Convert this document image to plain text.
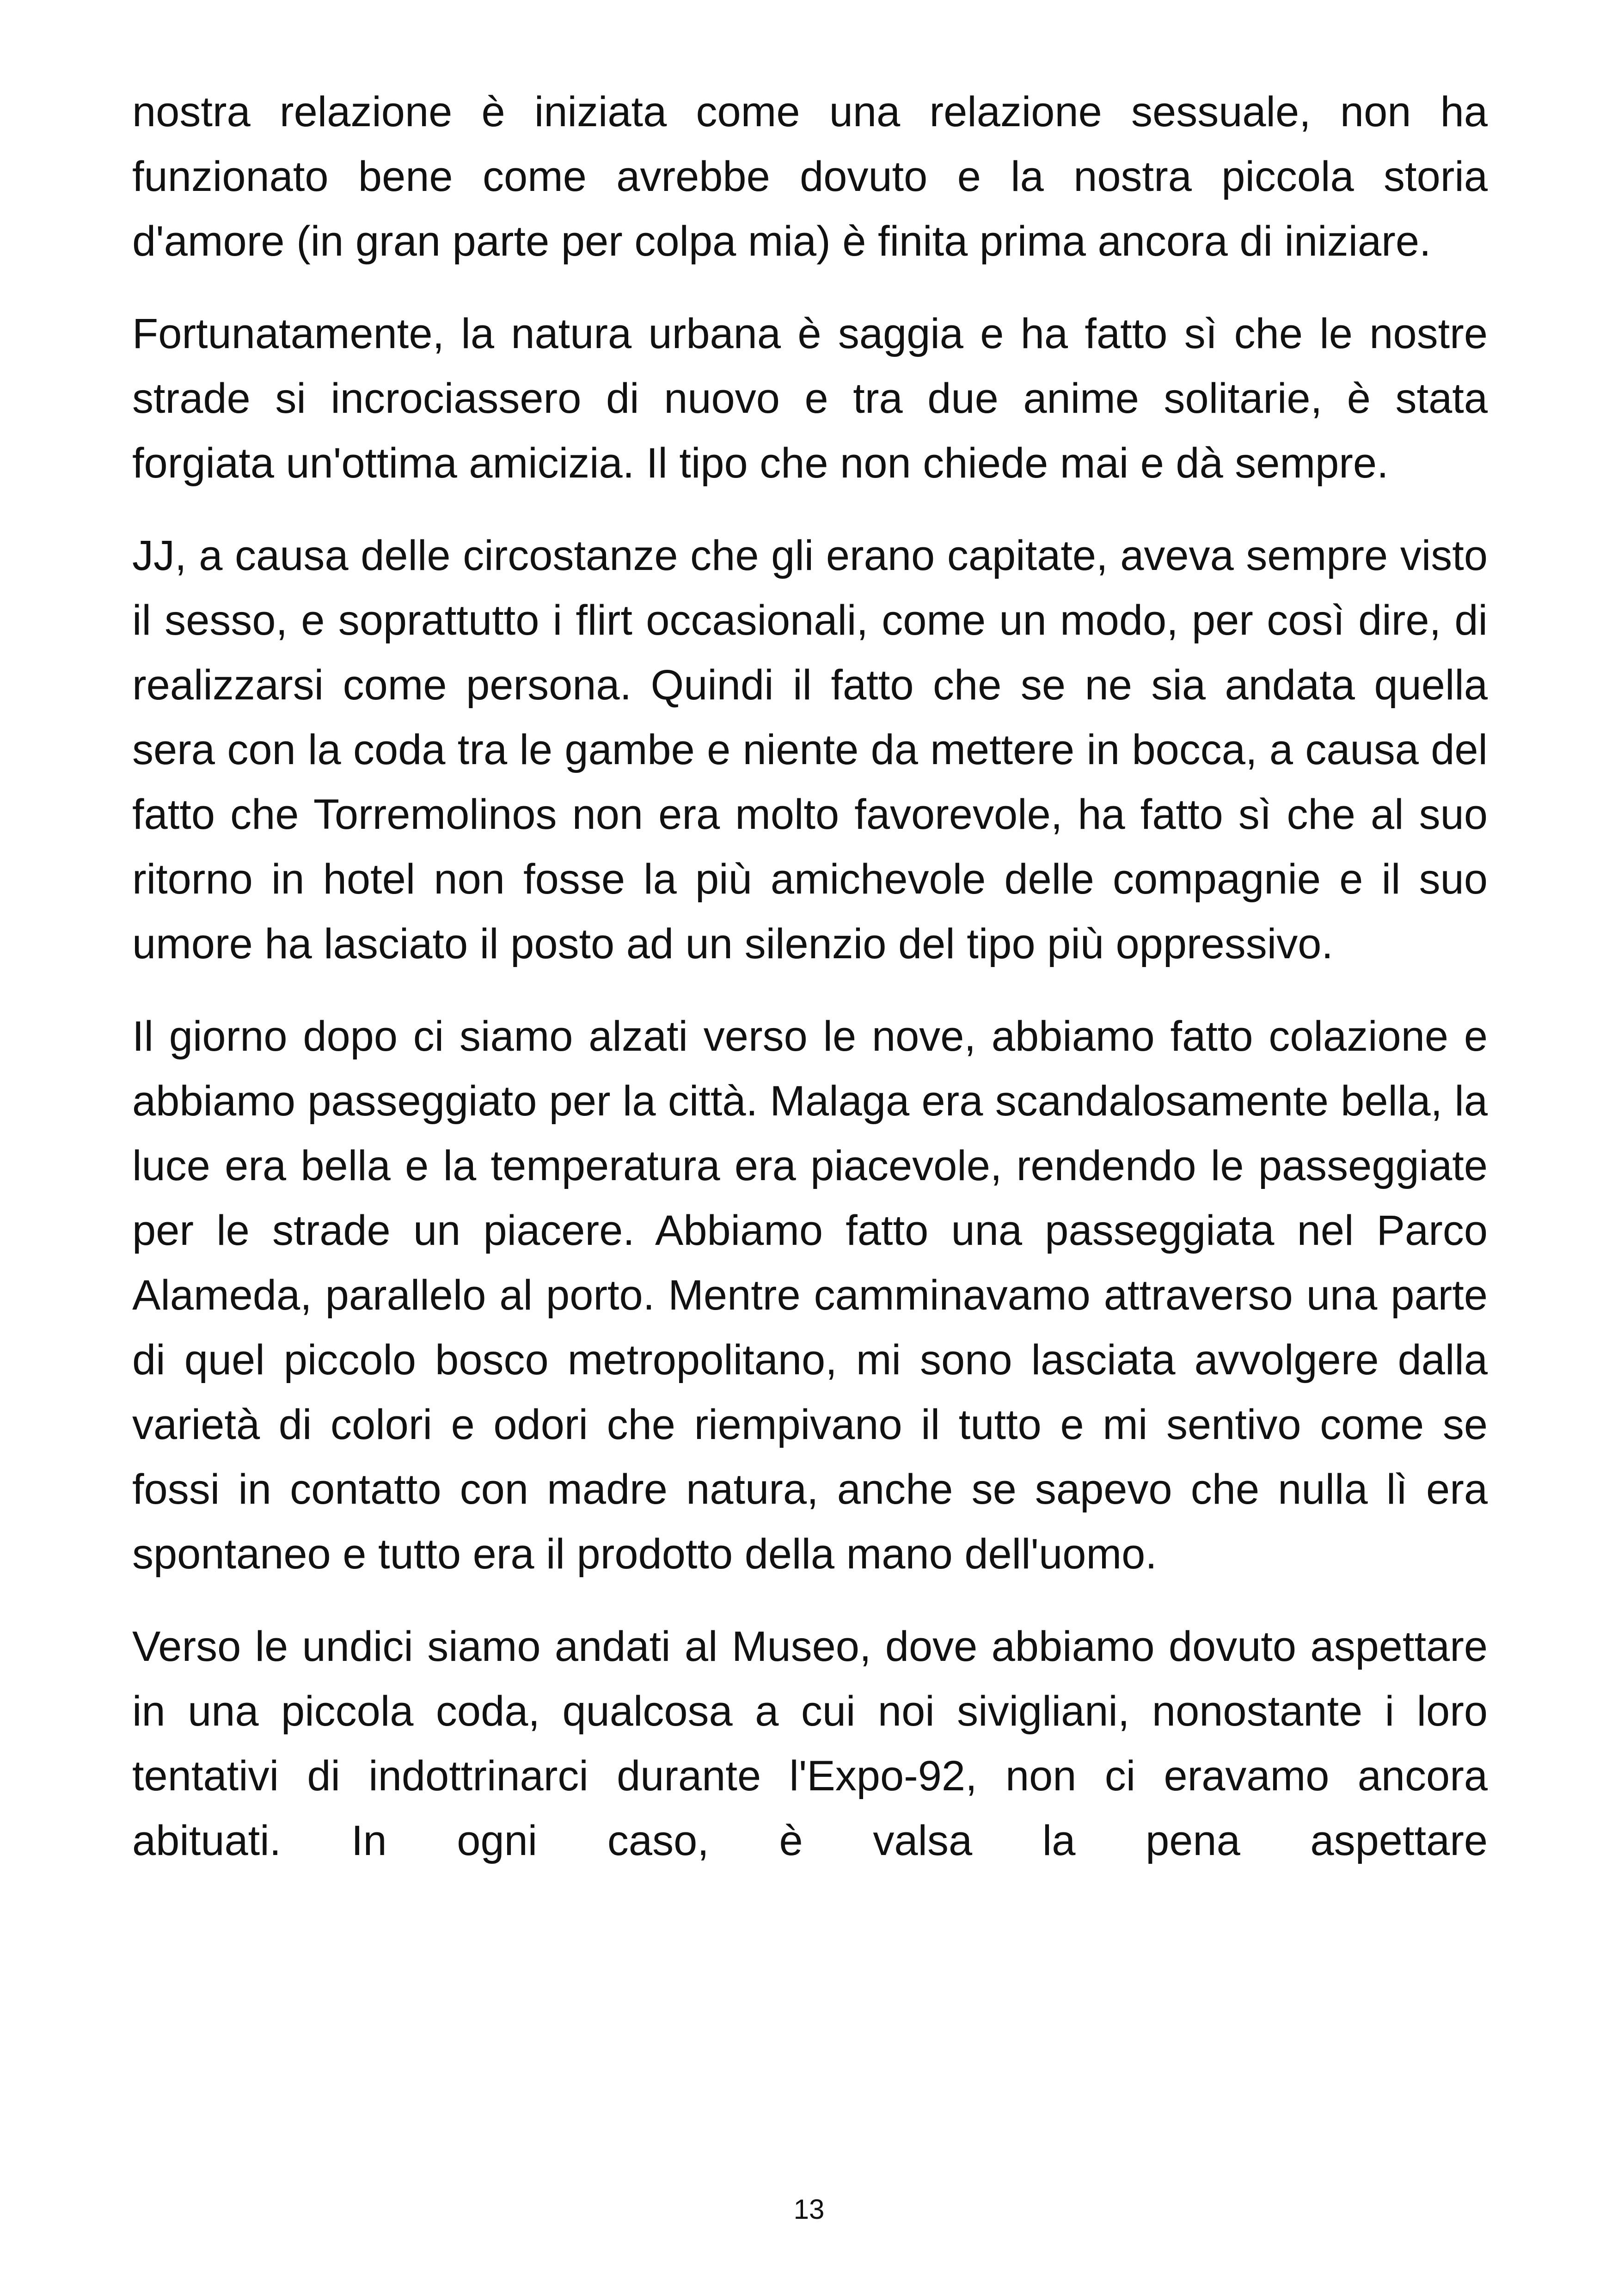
nostra relazione è iniziata come una relazione sessuale, non ha funzionato bene come avrebbe dovuto e la nostra piccola storia d'amore (in gran parte per colpa mia) è finita prima ancora di iniziare.

Fortunatamente, la natura urbana è saggia e ha fatto sì che le nostre strade si incrociassero di nuovo e tra due anime solitarie, è stata forgiata un'ottima amicizia. Il tipo che non chiede mai e dà sempre.

JJ, a causa delle circostanze che gli erano capitate, aveva sempre visto il sesso, e soprattutto i flirt occasionali, come un modo, per così dire, di realizzarsi come persona. Quindi il fatto che se ne sia andata quella sera con la coda tra le gambe e niente da mettere in bocca, a causa del fatto che Torremolinos non era molto favorevole, ha fatto sì che al suo ritorno in hotel non fosse la più amichevole delle compagnie e il suo umore ha lasciato il posto ad un silenzio del tipo più oppressivo.

Il giorno dopo ci siamo alzati verso le nove, abbiamo fatto colazione e abbiamo passeggiato per la città. Malaga era scandalosamente bella, la luce era bella e la temperatura era piacevole, rendendo le passeggiate per le strade un piacere. Abbiamo fatto una passeggiata nel Parco Alameda, parallelo al porto. Mentre camminavamo attraverso una parte di quel piccolo bosco metropolitano, mi sono lasciata avvolgere dalla varietà di colori e odori che riempivano il tutto e mi sentivo come se fossi in contatto con madre natura, anche se sapevo che nulla lì era spontaneo e tutto era il prodotto della mano dell'uomo.

Verso le undici siamo andati al Museo, dove abbiamo dovuto aspettare in una piccola coda, qualcosa a cui noi sivigliani, nonostante i loro tentativi di indottrinarci durante l'Expo-92, non ci eravamo ancora abituati. In ogni caso, è valsa la pena aspettare

13
